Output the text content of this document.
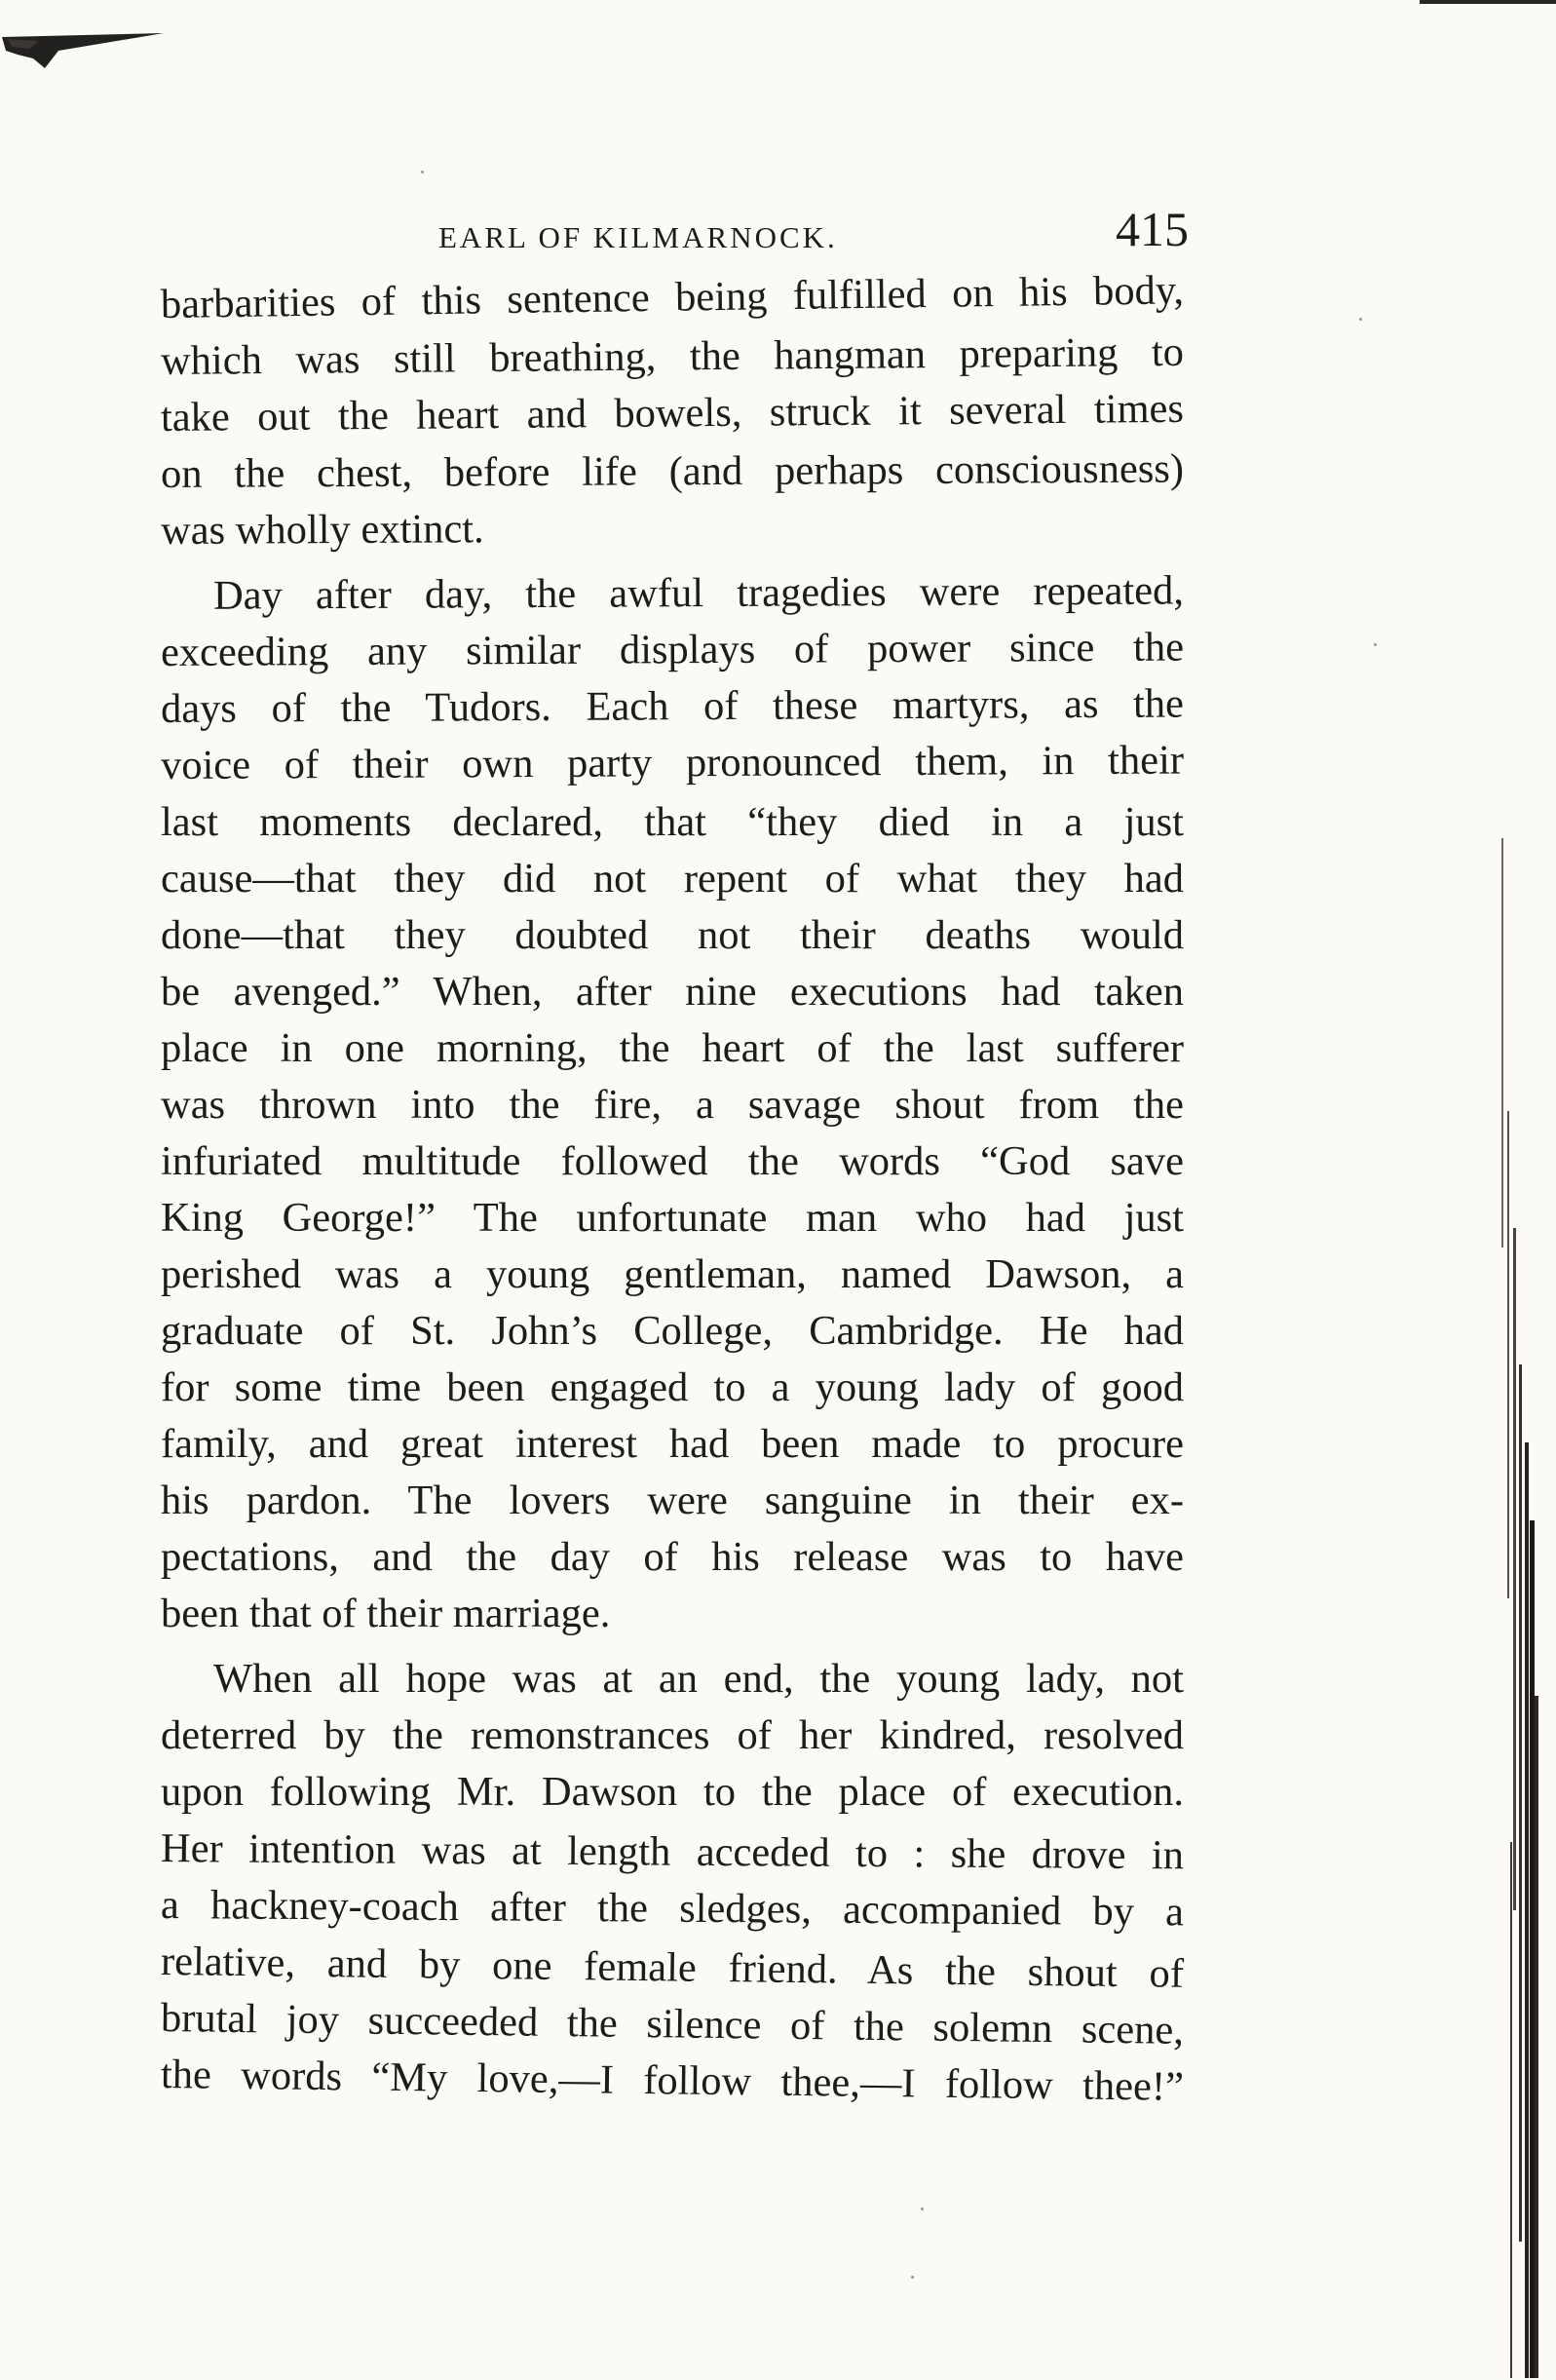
EARL OF KILMARNOCK.	415
barbarities of this sentence being fulfilled on his body,
which was still breathing, the hangman preparing to
take out the heart and bowels, struck it several times
on the chest, before life (and perhaps consciousness)
was wholly extinct.
Day after day, the awful tragedies were repeated,
exceeding any similar displays of power since the
days of the Tudors. Each of these martyrs, as the
voice of their own party pronounced them, in their
last moments declared, that “they died in a just
cause—that they did not repent of what they had
done—that they doubted not their deaths would
be avenged.” When, after nine executions had taken
place in one morning, the heart of the last sufferer
was thrown into the fire, a savage shout from the
infuriated multitude followed the words “God save
King George!” The unfortunate man who had just
perished was a young gentleman, named Dawson, a
graduate of St. John’s College, Cambridge. He had
for some time been engaged to a young lady of good
family, and great interest had been made to procure
his pardon. The lovers were sanguine in their ex-
pectations, and the day of his release was to have
been that of their marriage.
When all hope was at an end, the young lady, not
deterred by the remonstrances of her kindred, resolved
upon following Mr. Dawson to the place of execution.
Her intention was at length acceded to : she drove in
a hackney-coach after the sledges, accompanied by a
relative, and by one female friend. As the shout of
brutal joy succeeded the silence of the solemn scene,
the words “My love,—I follow thee,—I follow thee!”
